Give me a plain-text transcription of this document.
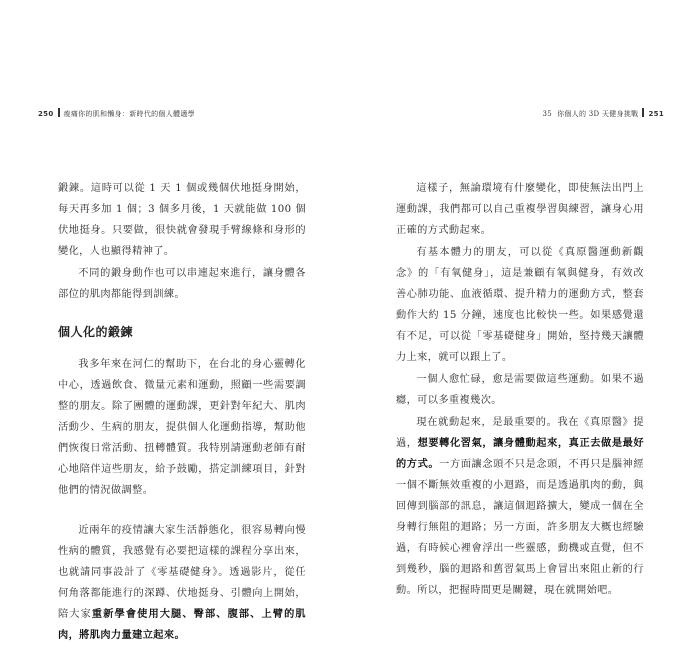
250 痠痛你的肌和懶身：新時代的個人體適學

鍛鍊。這時可以從 1 天 1 個或幾個伏地挺身開始，每天再多加 1 個；3 個多月後，1 天就能做 100 個伏地挺身。只要做，很快就會發現手臂線條和身形的變化，人也顯得精神了。

不同的鍛身動作也可以串連起來進行，讓身體各部位的肌肉都能得到訓練。

個人化的鍛鍊

我多年來在河仁的幫助下，在台北的身心靈轉化中心，透過飲食、微量元素和運動，照顧一些需要調整的朋友。除了團體的運動課，更針對年紀大、肌肉活動少、生病的朋友，提供個人化運動指導，幫助他們恢復日常活動、扭轉體質。我特別請運動老師有耐心地陪伴這些朋友，給予鼓勵，搭定訓練項目，針對他們的情況做調整。

近兩年的疫情讓大家生活靜態化，很容易轉向慢性病的體質，我感覺有必要把這樣的課程分享出來，也就請同事設計了《零基礎健身》。透過影片，從任何角落都能進行的深蹲、伏地挺身、引體向上開始，陪大家重新學會使用大腿、臀部、腹部、上臂的肌肉，將肌肉力量建立起來。

35 你個人的 3D 天健身挑戰 251

這樣子，無論環境有什麼變化，即使無法出門上運動課，我們都可以自己重複學習與練習，讓身心用正確的方式動起來。

有基本體力的朋友，可以從《真原醫運動新觀念》的「有氧健身」，這是兼顧有氧與健身，有效改善心肺功能、血液循環、提升精力的運動方式，整套動作大約 15 分鐘，速度也比較快一些。如果感覺還有不足，可以從「零基礎健身」開始，堅持幾天讓體力上來，就可以跟上了。

一個人愈忙碌，愈是需要做這些運動。如果不過癮，可以多重複幾次。

現在就動起來，是最重要的。我在《真原醫》提過，想要轉化習氣，讓身體動起來，真正去做是最好的方式。一方面讓念頭不只是念頭，不再只是腦神經一個不斷無效重複的小迴路，而是透過肌肉的動，與回傳到腦部的訊息，讓這個迴路擴大，變成一個在全身轉行無阻的迴路；另一方面，許多朋友大概也經驗過，有時候心裡會浮出一些靈感，動機或直覺，但不到幾秒，腦的迴路和舊習氣馬上會冒出來阻止新的行動。所以，把握時間更是關鍵，現在就開始吧。
